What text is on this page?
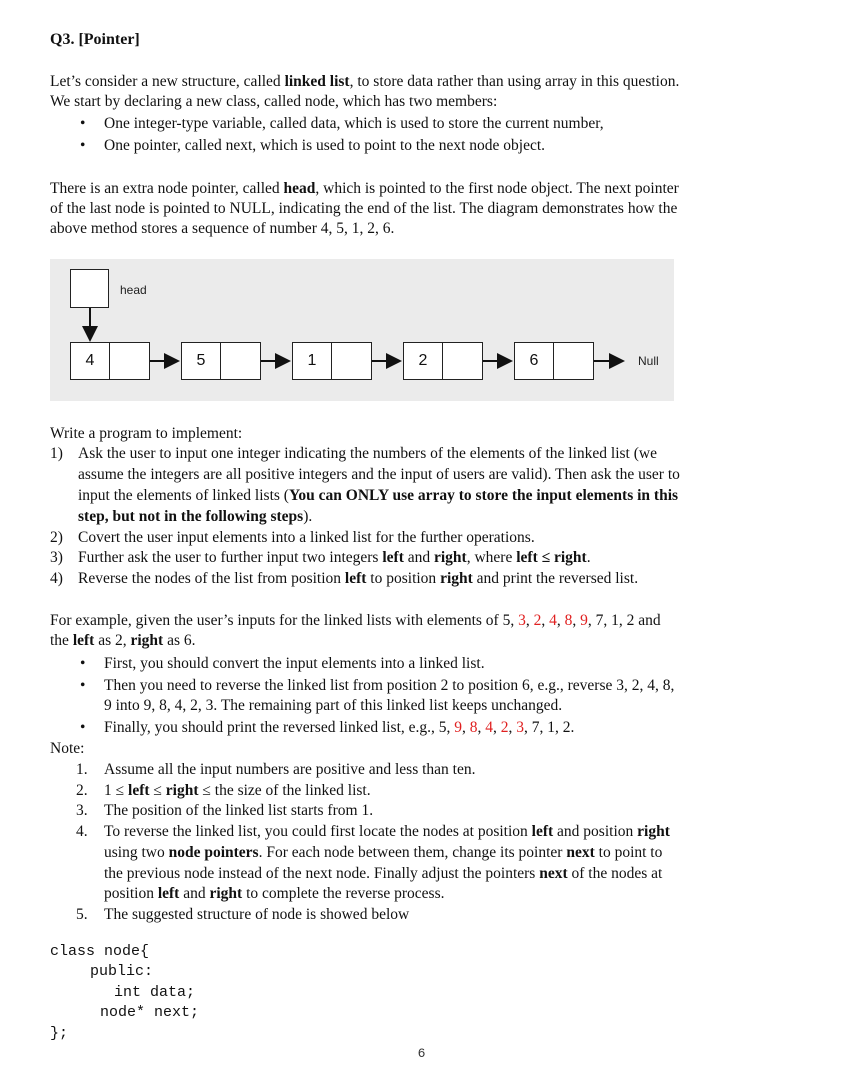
Q3. [Pointer]
Let’s consider a new structure, called linked list, to store data rather than using array in this question.
We start by declaring a new class, called node, which has two members:
• One integer-type variable, called data, which is used to store the current number,
• One pointer, called next, which is used to point to the next node object.
There is an extra node pointer, called head, which is pointed to the first node object. The next pointer
of the last node is pointed to NULL, indicating the end of the list. The diagram demonstrates how the
above method stores a sequence of number 4, 5, 1, 2, 6.
head
4	5	1	2	6	Null
Write a program to implement:
1) Ask the user to input one integer indicating the numbers of the elements of the linked list (we
assume the integers are all positive integers and the input of users are valid). Then ask the user to
input the elements of linked lists (You can ONLY use array to store the input elements in this
step, but not in the following steps).
2) Covert the user input elements into a linked list for the further operations.
3) Further ask the user to further input two integers left and right, where left ≤ right.
4) Reverse the nodes of the list from position left to position right and print the reversed list.
For example, given the user’s inputs for the linked lists with elements of 5, 3, 2, 4, 8, 9, 7, 1, 2 and
the left as 2, right as 6.
• First, you should convert the input elements into a linked list.
• Then you need to reverse the linked list from position 2 to position 6, e.g., reverse 3, 2, 4, 8,
9 into 9, 8, 4, 2, 3. The remaining part of this linked list keeps unchanged.
• Finally, you should print the reversed linked list, e.g., 5, 9, 8, 4, 2, 3, 7, 1, 2.
Note:
1. Assume all the input numbers are positive and less than ten.
2. 1 ≤ left ≤ right ≤ the size of the linked list.
3. The position of the linked list starts from 1.
4. To reverse the linked list, you could first locate the nodes at position left and position right
using two node pointers. For each node between them, change its pointer next to point to
the previous node instead of the next node. Finally adjust the pointers next of the nodes at
position left and right to complete the reverse process.
5. The suggested structure of node is showed below
class node{
public:
int data;
node* next;
};
6
